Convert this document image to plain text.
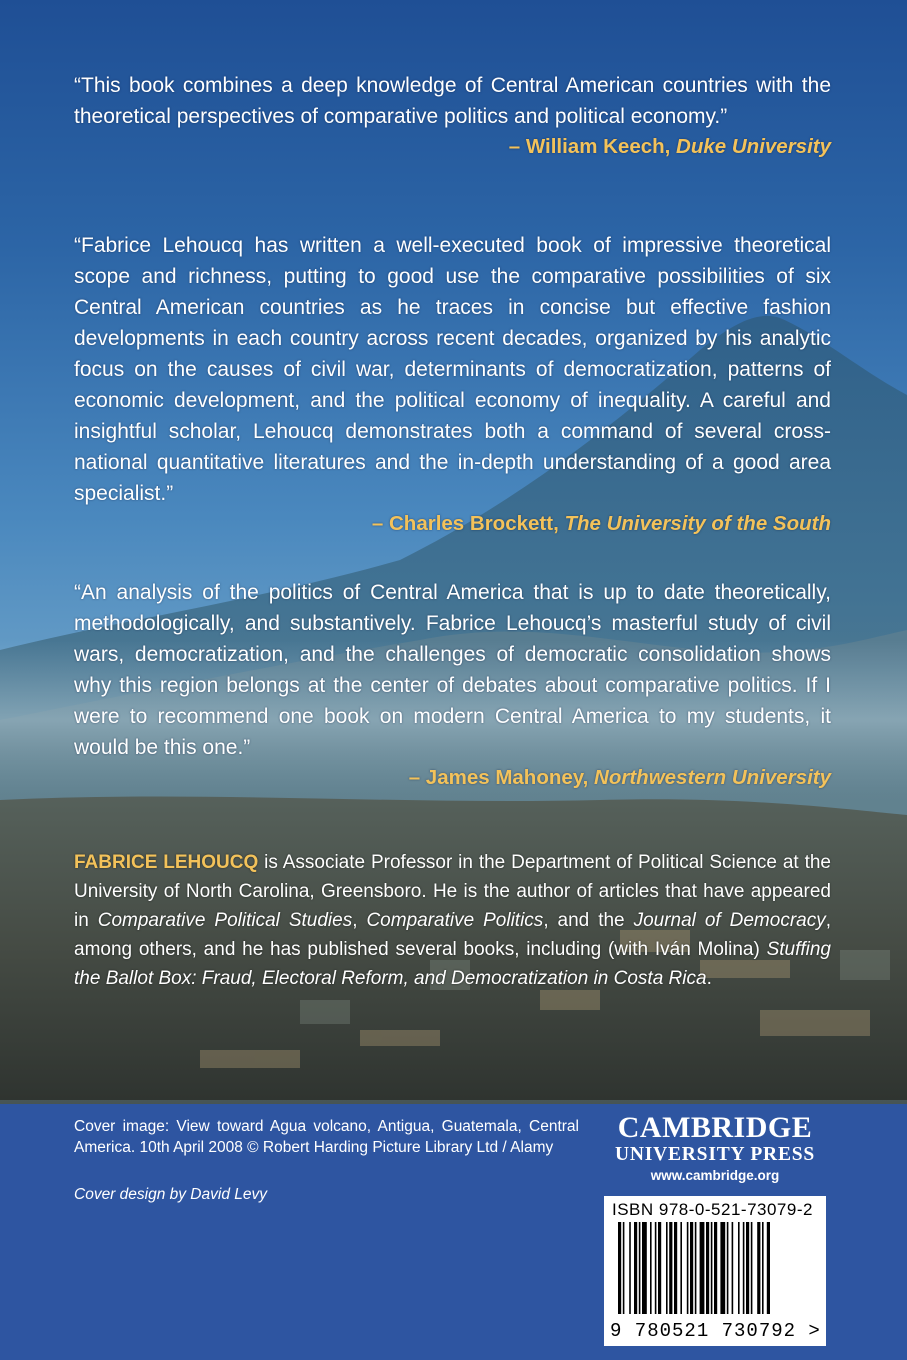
“This book combines a deep knowledge of Central American countries with the theoretical perspectives of comparative politics and political economy.”

– William Keech, Duke University

“Fabrice Lehoucq has written a well-executed book of impressive theoretical scope and richness, putting to good use the comparative possibilities of six Central American countries as he traces in concise but effective fashion developments in each country across recent decades, organized by his analytic focus on the causes of civil war, determinants of democratization, patterns of economic development, and the political economy of inequality. A careful and insightful scholar, Lehoucq demonstrates both a command of several cross-national quantitative literatures and the in-depth understanding of a good area specialist.”

– Charles Brockett, The University of the South

“An analysis of the politics of Central America that is up to date theoretically, methodologically, and substantively. Fabrice Lehoucq’s masterful study of civil wars, democratization, and the challenges of democratic consolidation shows why this region belongs at the center of debates about comparative politics. If I were to recommend one book on modern Central America to my students, it would be this one.”

– James Mahoney, Northwestern University
FABRICE LEHOUCQ is Associate Professor in the Department of Political Science at the University of North Carolina, Greensboro. He is the author of articles that have appeared in Comparative Political Studies, Comparative Politics, and the Journal of Democracy, among others, and he has published several books, including (with Iván Molina) Stuffing the Ballot Box: Fraud, Electoral Reform, and Democratization in Costa Rica.
Cover image: View toward Agua volcano, Antigua, Guatemala, Central America. 10th April 2008 © Robert Harding Picture Library Ltd / Alamy
Cover design by David Levy
CAMBRIDGE
UNIVERSITY PRESS
www.cambridge.org
ISBN 978-0-521-73079-2
9 780521 730792 >
